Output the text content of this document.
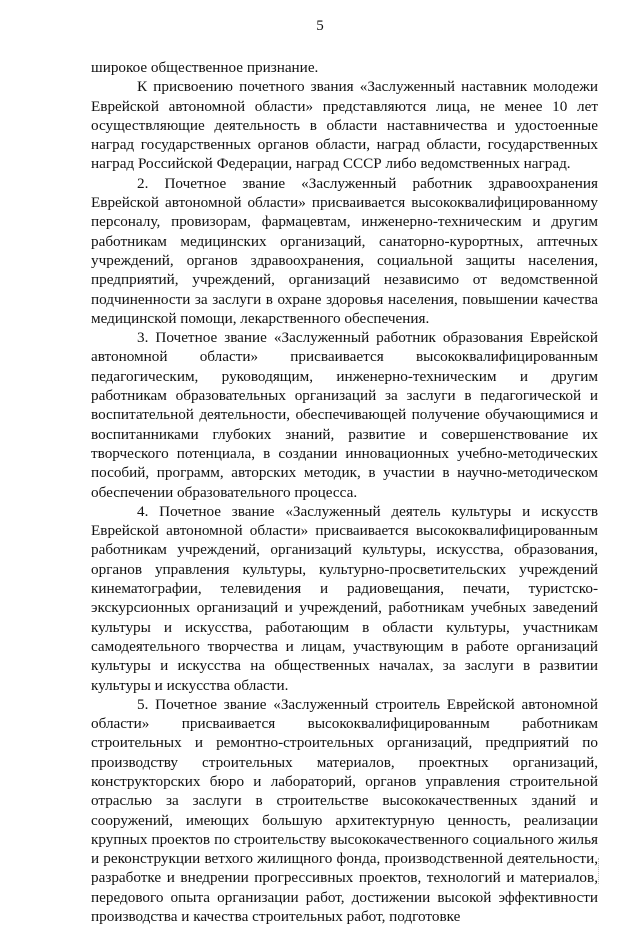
5

широкое общественное признание.

К присвоению почетного звания «Заслуженный наставник молодежи Еврейской автономной области» представляются лица, не менее 10 лет осуществляющие деятельность в области наставничества и удостоенные наград государственных органов области, наград области, государственных наград Российской Федерации, наград СССР либо ведомственных наград.

2. Почетное звание «Заслуженный работник здравоохранения Еврейской автономной области» присваивается высококвалифицированному персоналу, провизорам, фармацевтам, инженерно-техническим и другим работникам медицинских организаций, санаторно-курортных, аптечных учреждений, органов здравоохранения, социальной защиты населения, предприятий, учреждений, организаций независимо от ведомственной подчиненности за заслуги в охране здоровья населения, повышении качества медицинской помощи, лекарственного обеспечения.

3. Почетное звание «Заслуженный работник образования Еврейской автономной области» присваивается высококвалифицированным педагогическим, руководящим, инженерно-техническим и другим работникам образовательных организаций за заслуги в педагогической и воспитательной деятельности, обеспечивающей получение обучающимися и воспитанниками глубоких знаний, развитие и совершенствование их творческого потенциала, в создании инновационных учебно-методических пособий, программ, авторских методик, в участии в научно-методическом обеспечении образовательного процесса.

4. Почетное звание «Заслуженный деятель культуры и искусств Еврейской автономной области» присваивается высококвалифицированным работникам учреждений, организаций культуры, искусства, образования, органов управления культуры, культурно-просветительских учреждений кинематографии, телевидения и радиовещания, печати, туристско-экскурсионных организаций и учреждений, работникам учебных заведений культуры и искусства, работающим в области культуры, участникам самодеятельного творчества и лицам, участвующим в работе организаций культуры и искусства на общественных началах, за заслуги в развитии культуры и искусства области.

5. Почетное звание «Заслуженный строитель Еврейской автономной области» присваивается высококвалифицированным работникам строительных и ремонтно-строительных организаций, предприятий по производству строительных материалов, проектных организаций, конструкторских бюро и лабораторий, органов управления строительной отраслью за заслуги в строительстве высококачественных зданий и сооружений, имеющих большую архитектурную ценность, реализации крупных проектов по строительству высококачественного социального жилья и реконструкции ветхого жилищного фонда, производственной деятельности, разработке и внедрении прогрессивных проектов, технологий и материалов, передового опыта организации работ, достижении высокой эффективности производства и качества строительных работ, подготовке
